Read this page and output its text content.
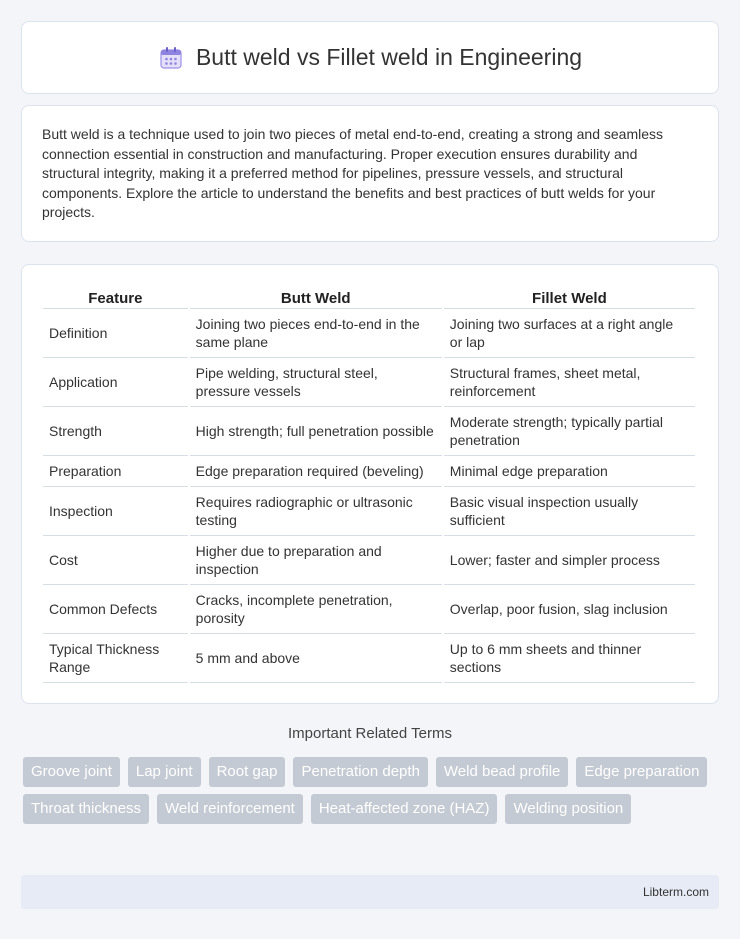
Butt weld vs Fillet weld in Engineering

Butt weld is a technique used to join two pieces of metal end-to-end, creating a strong and seamless connection essential in construction and manufacturing. Proper execution ensures durability and structural integrity, making it a preferred method for pipelines, pressure vessels, and structural components. Explore the article to understand the benefits and best practices of butt welds for your projects.

Feature	Butt Weld	Fillet Weld
Definition	Joining two pieces end-to-end in the same plane	Joining two surfaces at a right angle or lap
Application	Pipe welding, structural steel, pressure vessels	Structural frames, sheet metal, reinforcement
Strength	High strength; full penetration possible	Moderate strength; typically partial penetration
Preparation	Edge preparation required (beveling)	Minimal edge preparation
Inspection	Requires radiographic or ultrasonic testing	Basic visual inspection usually sufficient
Cost	Higher due to preparation and inspection	Lower; faster and simpler process
Common Defects	Cracks, incomplete penetration, porosity	Overlap, poor fusion, slag inclusion
Typical Thickness Range	5 mm and above	Up to 6 mm sheets and thinner sections
Important Related Terms
Groove joint	Lap joint	Root gap	Penetration depth	Weld bead profile	Edge preparation
Throat thickness	Weld reinforcement	Heat-affected zone (HAZ)	Welding position
Libterm.com
